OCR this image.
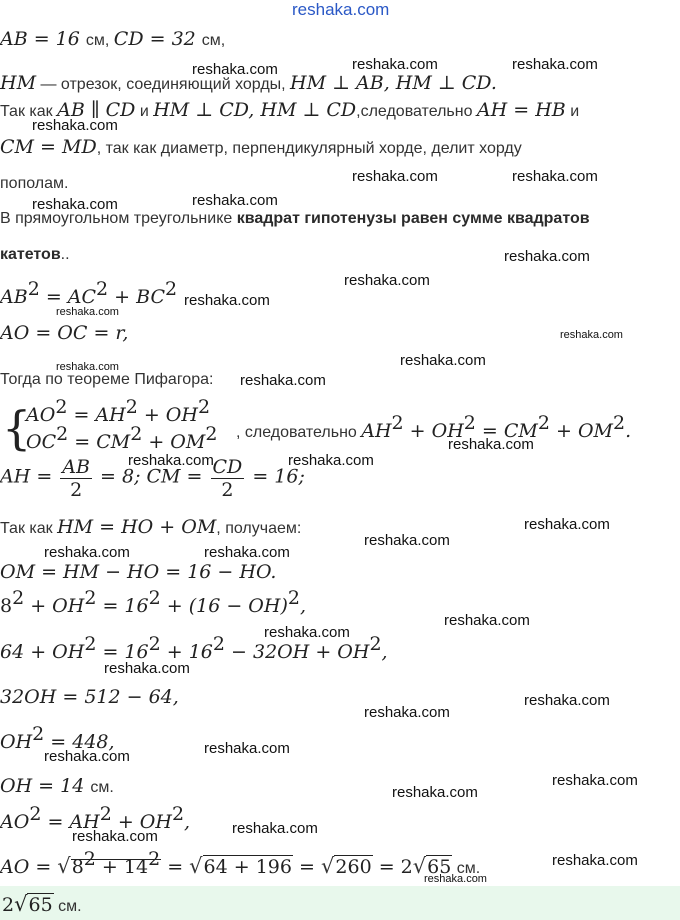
reshaka.com
AB = 16 см, CD = 32 см,
HM — отрезок, соединяющий хорды, HM ⊥ AB, HM ⊥ CD.
Так как AB ∥ CD и HM ⊥ CD, HM ⊥ CD,следовательно AH = HB и
CM = MD, так как диаметр, перпендикулярный хорде, делит хорду
пополам.
В прямоугольном треугольнике квадрат гипотенузы равен сумме квадратов
катетов..
$AB^2 = AC^2 + BC^2$
AO = OC = r,
Тогда по теореме Пифагора:
{
$AO^2 = AH^2 + OH^2$
$OC^2 = CM^2 + OM^2$ , следовательно $AH^2 + OH^2 = CM^2 + OM^2$.
AH = $\frac{AB}{2} = 8$; CM = $\frac{CD}{2} = 16$;
Так как HM = HO + OM, получаем:
OM = HM − HO = 16 − HO.
$8^2 + OH^2 = 16^2 + (16 - OH)^2$,
$64 + OH^2 = 16^2 + 16^2 - 32OH + OH^2$,
32OH = 512 − 64,
$OH^2 = 448$,
OH = 14 см.
$AO^2 = AH^2 + OH^2$,
AO = $√8^2 + 14^2 = √64 + 196 = √260 = 2√65$ см.
2√65 см.
reshaka.com	reshaka.com	reshaka.com
reshaka.com
reshaka.com	reshaka.com
reshaka.com	reshaka.com
reshaka.com
reshaka.com
reshaka.com
reshaka.com
reshaka.com
reshaka.com
reshaka.com
reshaka.com
reshaka.com
reshaka.com	reshaka.com
reshaka.com
reshaka.com
reshaka.com	reshaka.com
reshaka.com
reshaka.com
reshaka.com
reshaka.com
reshaka.com
reshaka.com
reshaka.com
reshaka.com
reshaka.com
reshaka.com
reshaka.com
reshaka.com
reshaka.com
